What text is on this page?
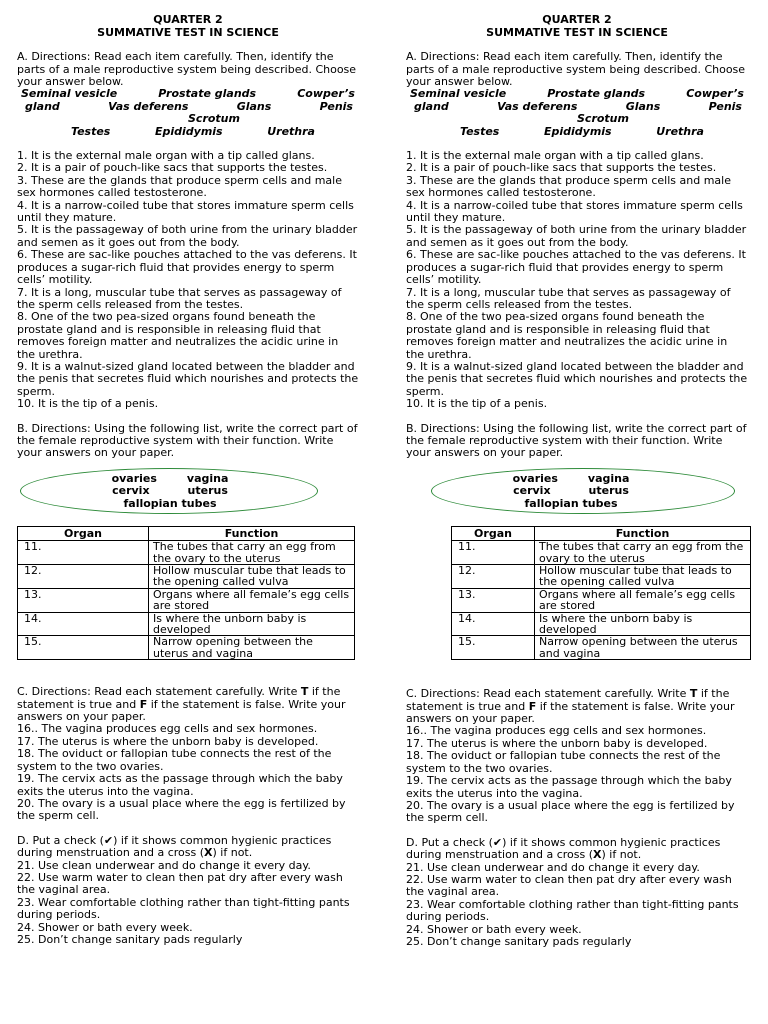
QUARTER 2
SUMMATIVE TEST IN SCIENCE

A. Directions: Read each item carefully. Then, identify the parts of a male reproductive system being described. Choose your answer below.

Seminal vesicle	Prostate glands	Cowper’s
gland	Vas deferens	Glans	Penis
Scrotum
Testes	Epididymis	Urethra

1. It is the external male organ with a tip called glans.

2. It is a pair of pouch-like sacs that supports the testes.

3. These are the glands that produce sperm cells and male sex hormones called testosterone.

4. It is a narrow-coiled tube that stores immature sperm cells until they mature.

5. It is the passageway of both urine from the urinary bladder and semen as it goes out from the body.

6. These are sac-like pouches attached to the vas deferens. It produces a sugar-rich fluid that provides energy to sperm cells’ motility.

7. It is a long, muscular tube that serves as passageway of the sperm cells released from the testes.

8. One of the two pea-sized organs found beneath the prostate gland and is responsible in releasing fluid that removes foreign matter and neutralizes the acidic urine in the urethra.

9. It is a walnut-sized gland located between the bladder and the penis that secretes fluid which nourishes and protects the sperm.

10. It is the tip of a penis.

B. Directions: Using the following list, write the correct part of the female reproductive system with their function. Write your answers on your paper.

ovaries	vagina
cervix	uterus
fallopian tubes
Organ	Function
11.	The tubes that carry an egg from the ovary to the uterus
12.	Hollow muscular tube that leads to the opening called vulva
13.	Organs where all female’s egg cells are stored
14.	Is where the unborn baby is developed
15.	Narrow opening between the uterus and vagina

C. Directions: Read each statement carefully. Write T if the statement is true and F if the statement is false. Write your answers on your paper.

16.. The vagina produces egg cells and sex hormones.

17. The uterus is where the unborn baby is developed.

18. The oviduct or fallopian tube connects the rest of the system to the two ovaries.

19. The cervix acts as the passage through which the baby exits the uterus into the vagina.

20. The ovary is a usual place where the egg is fertilized by the sperm cell.

D. Put a check (✔) if it shows common hygienic practices during menstruation and a cross (X) if not.

21. Use clean underwear and do change it every day.

22. Use warm water to clean then pat dry after every wash the vaginal area.

23. Wear comfortable clothing rather than tight-fitting pants during periods.

24. Shower or bath every week.

25. Don’t change sanitary pads regularly

QUARTER 2
SUMMATIVE TEST IN SCIENCE

A. Directions: Read each item carefully. Then, identify the parts of a male reproductive system being described. Choose your answer below.

Seminal vesicle	Prostate glands	Cowper’s
gland	Vas deferens	Glans	Penis
Scrotum
Testes	Epididymis	Urethra

1. It is the external male organ with a tip called glans.

2. It is a pair of pouch-like sacs that supports the testes.

3. These are the glands that produce sperm cells and male sex hormones called testosterone.

4. It is a narrow-coiled tube that stores immature sperm cells until they mature.

5. It is the passageway of both urine from the urinary bladder and semen as it goes out from the body.

6. These are sac-like pouches attached to the vas deferens. It produces a sugar-rich fluid that provides energy to sperm cells’ motility.

7. It is a long, muscular tube that serves as passageway of the sperm cells released from the testes.

8. One of the two pea-sized organs found beneath the prostate gland and is responsible in releasing fluid that removes foreign matter and neutralizes the acidic urine in the urethra.

9. It is a walnut-sized gland located between the bladder and the penis that secretes fluid which nourishes and protects the sperm.

10. It is the tip of a penis.

B. Directions: Using the following list, write the correct part of the female reproductive system with their function. Write your answers on your paper.

ovaries	vagina
cervix	uterus
fallopian tubes
Organ	Function
11.	The tubes that carry an egg from the ovary to the uterus
12.	Hollow muscular tube that leads to the opening called vulva
13.	Organs where all female’s egg cells are stored
14.	Is where the unborn baby is developed
15.	Narrow opening between the uterus and vagina

C. Directions: Read each statement carefully. Write T if the statement is true and F if the statement is false. Write your answers on your paper.

16.. The vagina produces egg cells and sex hormones.

17. The uterus is where the unborn baby is developed.

18. The oviduct or fallopian tube connects the rest of the system to the two ovaries.

19. The cervix acts as the passage through which the baby exits the uterus into the vagina.

20. The ovary is a usual place where the egg is fertilized by the sperm cell.

D. Put a check (✔) if it shows common hygienic practices during menstruation and a cross (X) if not.

21. Use clean underwear and do change it every day.

22. Use warm water to clean then pat dry after every wash the vaginal area.

23. Wear comfortable clothing rather than tight-fitting pants during periods.

24. Shower or bath every week.

25. Don’t change sanitary pads regularly
